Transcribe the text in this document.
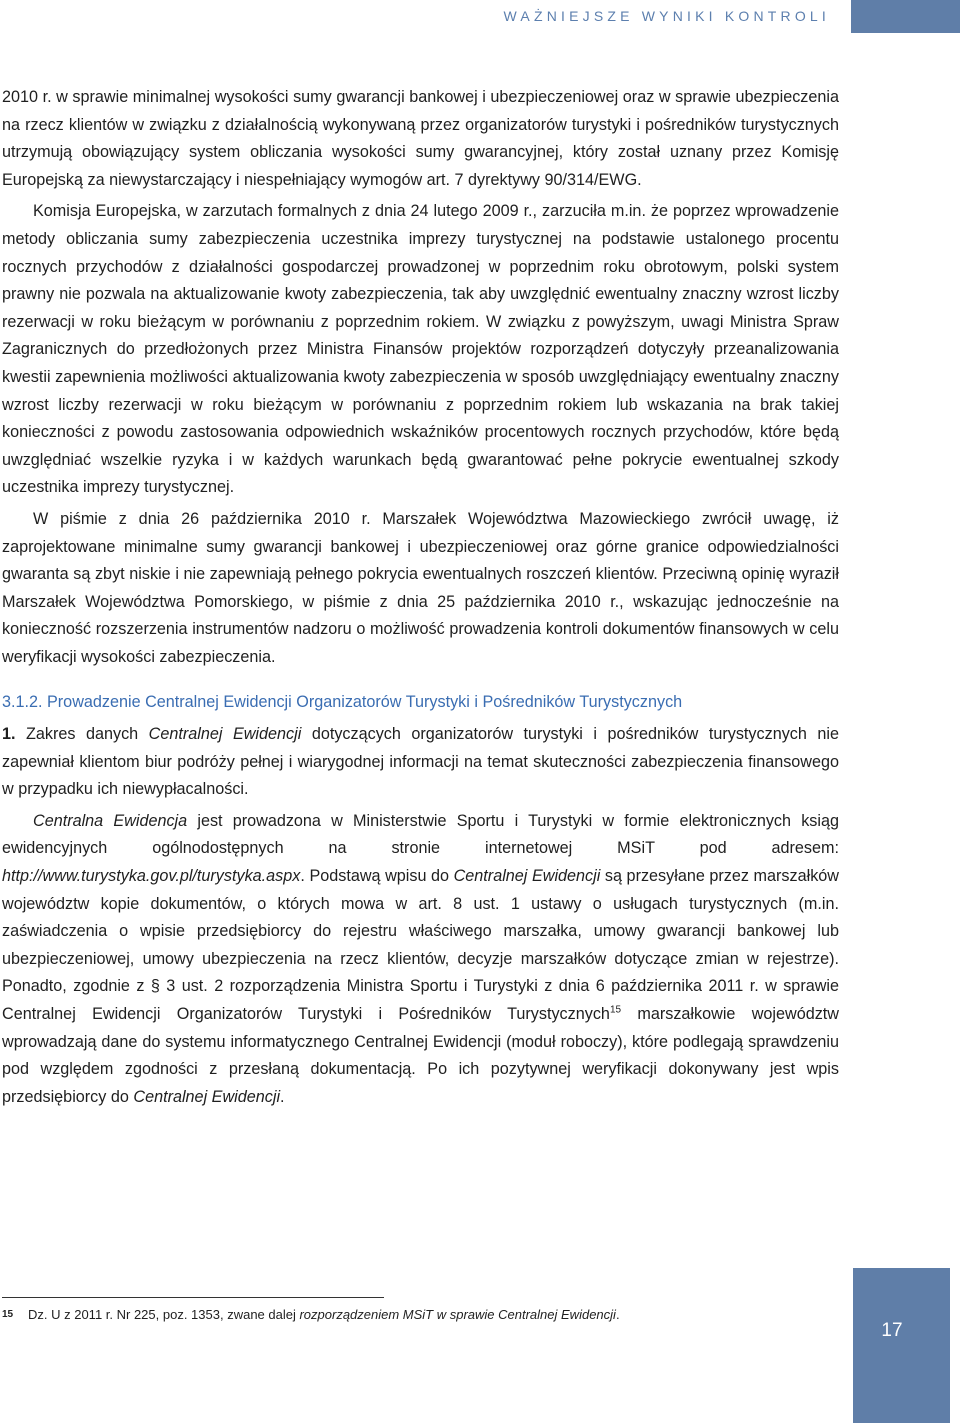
WAŻNIEJSZE WYNIKI KONTROLI

2010 r. w sprawie minimalnej wysokości sumy gwarancji bankowej i ubezpieczeniowej oraz w sprawie ubezpieczenia na rzecz klientów w związku z działalnością wykonywaną przez organizatorów turystyki i pośredników turystycznych utrzymują obowiązujący system obliczania wysokości sumy gwarancyjnej, który został uznany przez Komisję Europejską za niewystarczający i niespełniający wymogów art. 7 dyrektywy 90/314/EWG.

Komisja Europejska, w zarzutach formalnych z dnia 24 lutego 2009 r., zarzuciła m.in. że poprzez wprowadzenie metody obliczania sumy zabezpieczenia uczestnika imprezy turystycznej na podstawie ustalonego procentu rocznych przychodów z działalności gospodarczej prowadzonej w poprzednim roku obrotowym, polski system prawny nie pozwala na aktualizowanie kwoty zabezpieczenia, tak aby uwzględnić ewentualny znaczny wzrost liczby rezerwacji w roku bieżącym w porównaniu z poprzednim rokiem. W związku z powyższym, uwagi Ministra Spraw Zagranicznych do przedłożonych przez Ministra Finansów projektów rozporządzeń dotyczyły przeanalizowania kwestii zapewnienia możliwości aktualizowania kwoty zabezpieczenia w sposób uwzględniający ewentualny znaczny wzrost liczby rezerwacji w roku bieżącym w porównaniu z poprzednim rokiem lub wskazania na brak takiej konieczności z powodu zastosowania odpowiednich wskaźników procentowych rocznych przychodów, które będą uwzględniać wszelkie ryzyka i w każdych warunkach będą gwarantować pełne pokrycie ewentualnej szkody uczestnika imprezy turystycznej.

W piśmie z dnia 26 października 2010 r. Marszałek Województwa Mazowieckiego zwrócił uwagę, iż zaprojektowane minimalne sumy gwarancji bankowej i ubezpieczeniowej oraz górne granice odpowiedzialności gwaranta są zbyt niskie i nie zapewniają pełnego pokrycia ewentualnych roszczeń klientów. Przeciwną opinię wyraził Marszałek Województwa Pomorskiego, w piśmie z dnia 25 października 2010 r., wskazując jednocześnie na konieczność rozszerzenia instrumentów nadzoru o możliwość prowadzenia kontroli dokumentów finansowych w celu weryfikacji wysokości zabezpieczenia.

3.1.2. Prowadzenie Centralnej Ewidencji Organizatorów Turystyki i Pośredników Turystycznych

1. Zakres danych Centralnej Ewidencji dotyczących organizatorów turystyki i pośredników turystycznych nie zapewniał klientom biur podróży pełnej i wiarygodnej informacji na temat skuteczności zabezpieczenia finansowego w przypadku ich niewypłacalności.

Centralna Ewidencja jest prowadzona w Ministerstwie Sportu i Turystyki w formie elektronicznych ksiąg ewidencyjnych ogólnodostępnych na stronie internetowej MSiT pod adresem: http://www.turystyka.gov.pl/turystyka.aspx. Podstawą wpisu do Centralnej Ewidencji są przesyłane przez marszałków województw kopie dokumentów, o których mowa w art. 8 ust. 1 ustawy o usługach turystycznych (m.in. zaświadczenia o wpisie przedsiębiorcy do rejestru właściwego marszałka, umowy gwarancji bankowej lub ubezpieczeniowej, umowy ubezpieczenia na rzecz klientów, decyzje marszałków dotyczące zmian w rejestrze). Ponadto, zgodnie z § 3 ust. 2 rozporządzenia Ministra Sportu i Turystyki z dnia 6 października 2011 r. w sprawie Centralnej Ewidencji Organizatorów Turystyki i Pośredników Turystycznych$^{15}$ marszałkowie województw wprowadzają dane do systemu informatycznego Centralnej Ewidencji (moduł roboczy), które podlegają sprawdzeniu pod względem zgodności z przesłaną dokumentacją. Po ich pozytywnej weryfikacji dokonywany jest wpis przedsiębiorcy do Centralnej Ewidencji.

15 Dz. U z 2011 r. Nr 225, poz. 1353, zwane dalej rozporządzeniem MSiT w sprawie Centralnej Ewidencji.
17
